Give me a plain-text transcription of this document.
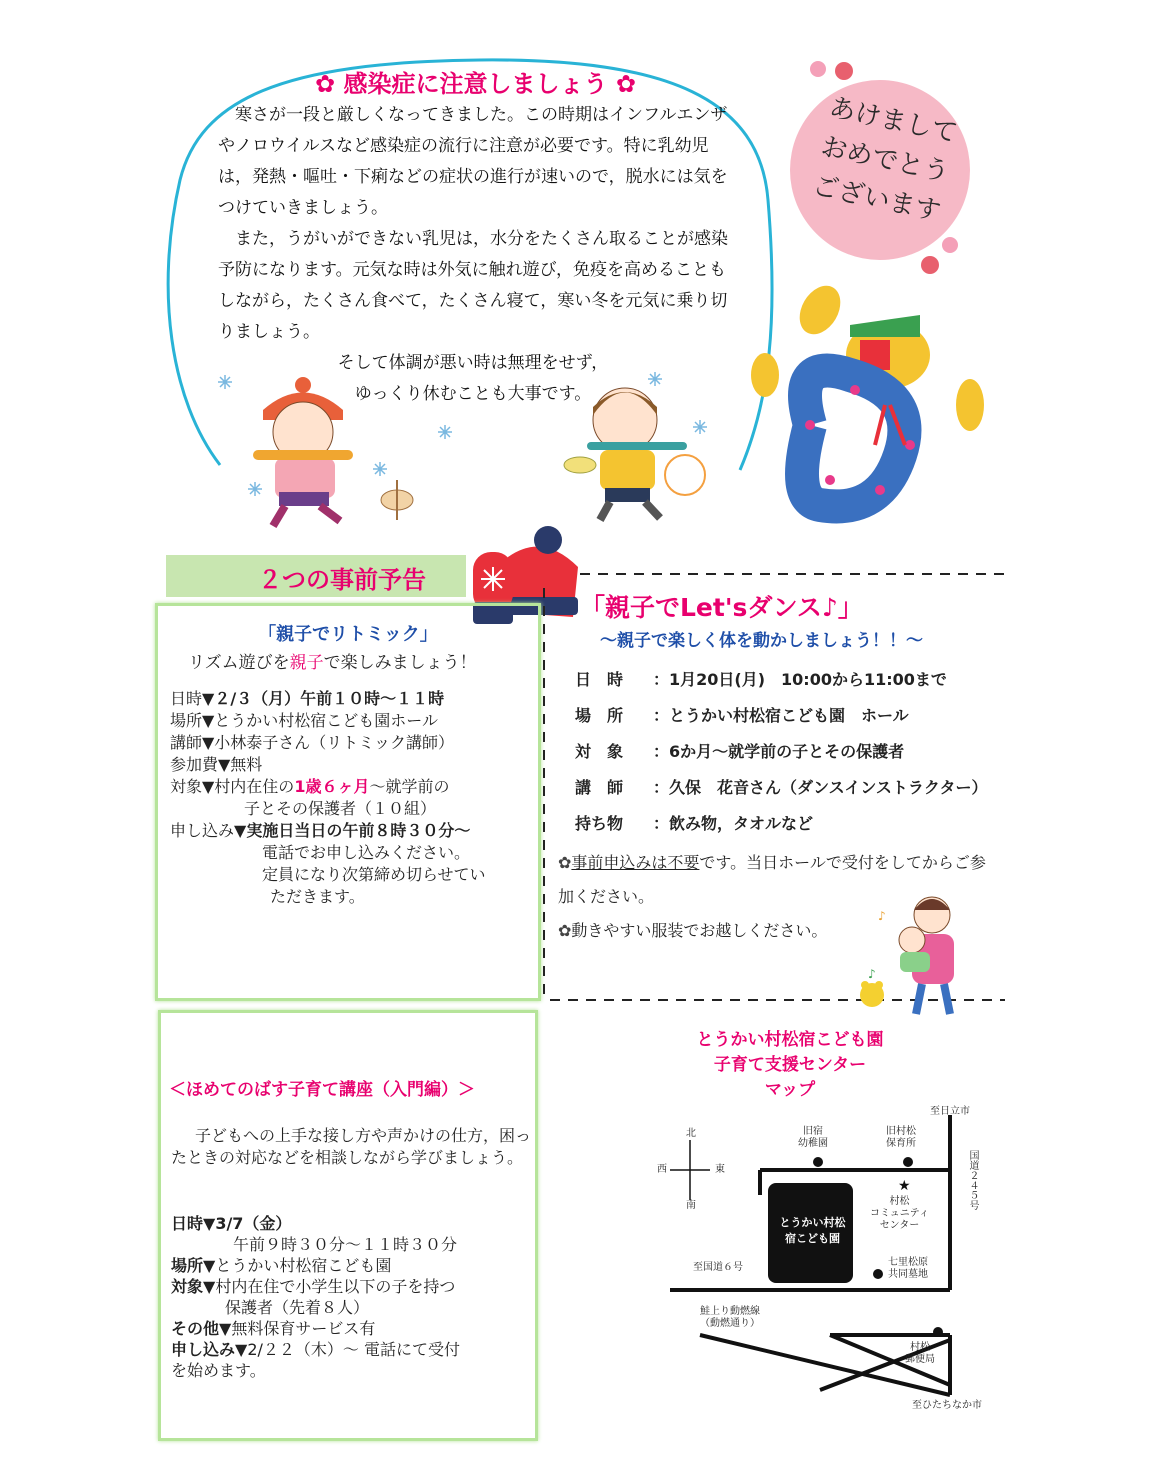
✿ 感染症に注意しましょう ✿

寒さが一段と厳しくなってきました。この時期はインフルエンザやノロウイルスなど感染症の流行に注意が必要です。特に乳幼児は，発熱・嘔吐・下痢などの症状の進行が速いので，脱水には気をつけていきましょう。

また，うがいができない乳児は，水分をたくさん取ることが感染予防になります。元気な時は外気に触れ遊び，免疫を高めることもしながら，たくさん食べて，たくさん寝て，寒い冬を元気に乗り切りましょう。

そして体調が悪い時は無理をせず，

ゆっくり休むことも大事です。

あけまして
おめでとう
ございます
２つの事前予告
「親子でリトミック」
リズム遊びを親子で楽しみましょう！
日時▼２/３（月）午前１０時～１１時
場所▼とうかい村松宿こども園ホール
講師▼小林泰子さん（リトミック講師）
参加費▼無料
対象▼村内在住の1歳６ヶ月～就学前の
子とその保護者（１０組）
申し込み▼実施日当日の午前８時３０分～
電話でお申し込みください。
定員になり次第締め切らせてい
ただきます。
「親子でLet'sダンス♪」
～親子で楽しく体を動かしましょう！！～
日　時 ：1月20日(月)　10:00から11:00まで
場　所 ：とうかい村松宿こども園　ホール
対　象 ：6か月～就学前の子とその保護者
講　師 ：久保　花音さん（ダンスインストラクター）
持ち物 ：飲み物，タオルなど
✿事前申込みは不要です。当日ホールで受付をしてからご参加ください。
✿動きやすい服装でお越しください。
♪
♪
＜ほめてのばす子育て講座（入門編）＞
子どもへの上手な接し方や声かけの仕方，困ったときの対応などを相談しながら学びましょう。
日時▼3/7（金）
午前９時３０分～１１時３０分
場所▼とうかい村松宿こども園
対象▼村内在住で小学生以下の子を持つ
保護者（先着８人）
その他▼無料保育サービス有
申し込み▼2/２２（木）～ 電話にて受付
を始めます。
とうかい村松宿こども園
子育て支援センター
マップ
★
至日立市
北
南
東
西
旧宿
幼稚園
旧村松
保育所
国道２４５号
とうかい村松
宿こども園
村松
コミュニティ
センター
七里松原
共同墓地
至国道６号
鮭上り動燃線
（動燃通り）
村松
郵便局
至ひたちなか市
